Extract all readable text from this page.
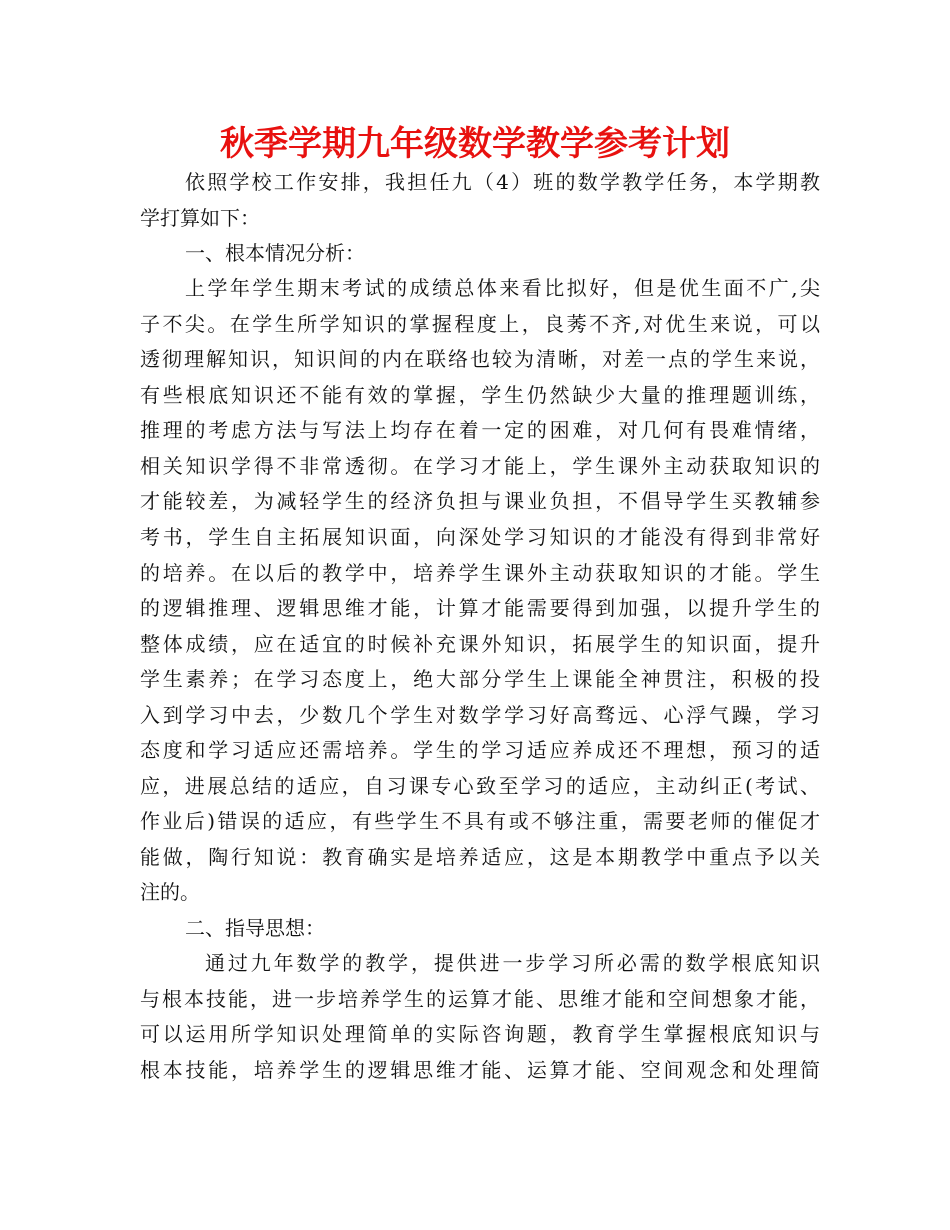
秋季学期九年级数学教学参考计划
依照学校工作安排，我担任九（4）班的数学教学任务，本学期教
学打算如下：
一、根本情况分析：
上学年学生期末考试的成绩总体来看比拟好，但是优生面不广,尖
子不尖。在学生所学知识的掌握程度上，良莠不齐,对优生来说，可以
透彻理解知识，知识间的内在联络也较为清晰，对差一点的学生来说，
有些根底知识还不能有效的掌握，学生仍然缺少大量的推理题训练，
推理的考虑方法与写法上均存在着一定的困难，对几何有畏难情绪，
相关知识学得不非常透彻。在学习才能上，学生课外主动获取知识的
才能较差，为减轻学生的经济负担与课业负担，不倡导学生买教辅参
考书，学生自主拓展知识面，向深处学习知识的才能没有得到非常好
的培养。在以后的教学中，培养学生课外主动获取知识的才能。学生
的逻辑推理、逻辑思维才能，计算才能需要得到加强，以提升学生的
整体成绩，应在适宜的时候补充课外知识，拓展学生的知识面，提升
学生素养；在学习态度上，绝大部分学生上课能全神贯注，积极的投
入到学习中去，少数几个学生对数学学习好高骛远、心浮气躁，学习
态度和学习适应还需培养。学生的学习适应养成还不理想，预习的适
应，进展总结的适应，自习课专心致至学习的适应，主动纠正(考试、
作业后)错误的适应，有些学生不具有或不够注重，需要老师的催促才
能做，陶行知说：教育确实是培养适应，这是本期教学中重点予以关
注的。
二、指导思想：
通过九年数学的教学，提供进一步学习所必需的数学根底知识
与根本技能，进一步培养学生的运算才能、思维才能和空间想象才能，
可以运用所学知识处理简单的实际咨询题，教育学生掌握根底知识与
根本技能，培养学生的逻辑思维才能、运算才能、空间观念和处理简
